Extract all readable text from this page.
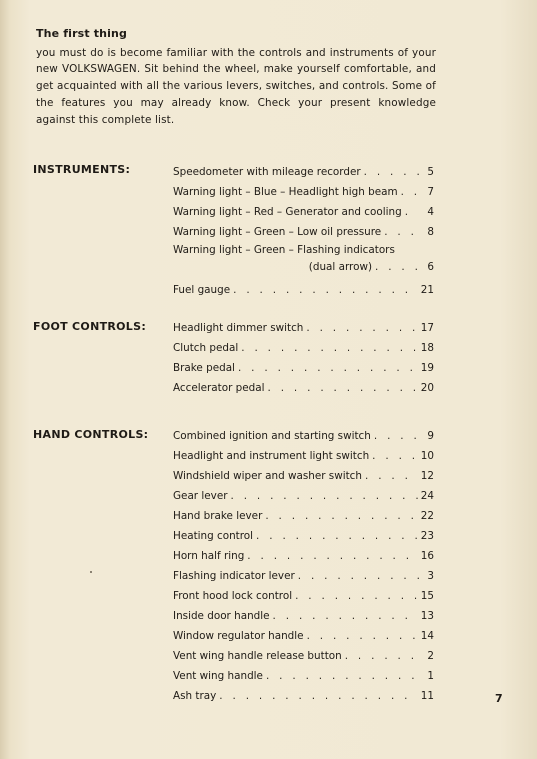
The first thing
you must do is become familiar with the controls and instruments of your new VOLKSWAGEN. Sit behind the wheel, make yourself comfortable, and get acquainted with all the various levers, switches, and controls. Some of the features you may already know. Check your present knowledge against this complete list.
INSTRUMENTS:	Speedometer with mileage recorder . . .	5
Warning light – Blue – Headlight high beam . . .	7
Warning light – Red – Generator and cooling . . .	4
Warning light – Green – Low oil pressure . . .	8
Warning light – Green – Flashing indicators
(dual arrow) . . .	6
Fuel gauge . . .	21
FOOT CONTROLS:	Headlight dimmer switch . . .	17
Clutch pedal . . .	18
Brake pedal . . .	19
Accelerator pedal . . .	20
HAND CONTROLS: Combined ignition and starting switch . . .	9
Headlight and instrument light switch . . .	10
Windshield wiper and washer switch . . .	12
Gear lever . . .	24
Hand brake lever . . .	22
Heating control . . .	23
Horn half ring . . .	16
Flashing indicator lever . . .	3
Front hood lock control . . .	15
Inside door handle . . .	13
Window regulator handle . . .	14
Vent wing handle release button . . .	2
Vent wing handle . . .	1
Ash tray . . .	11	7
